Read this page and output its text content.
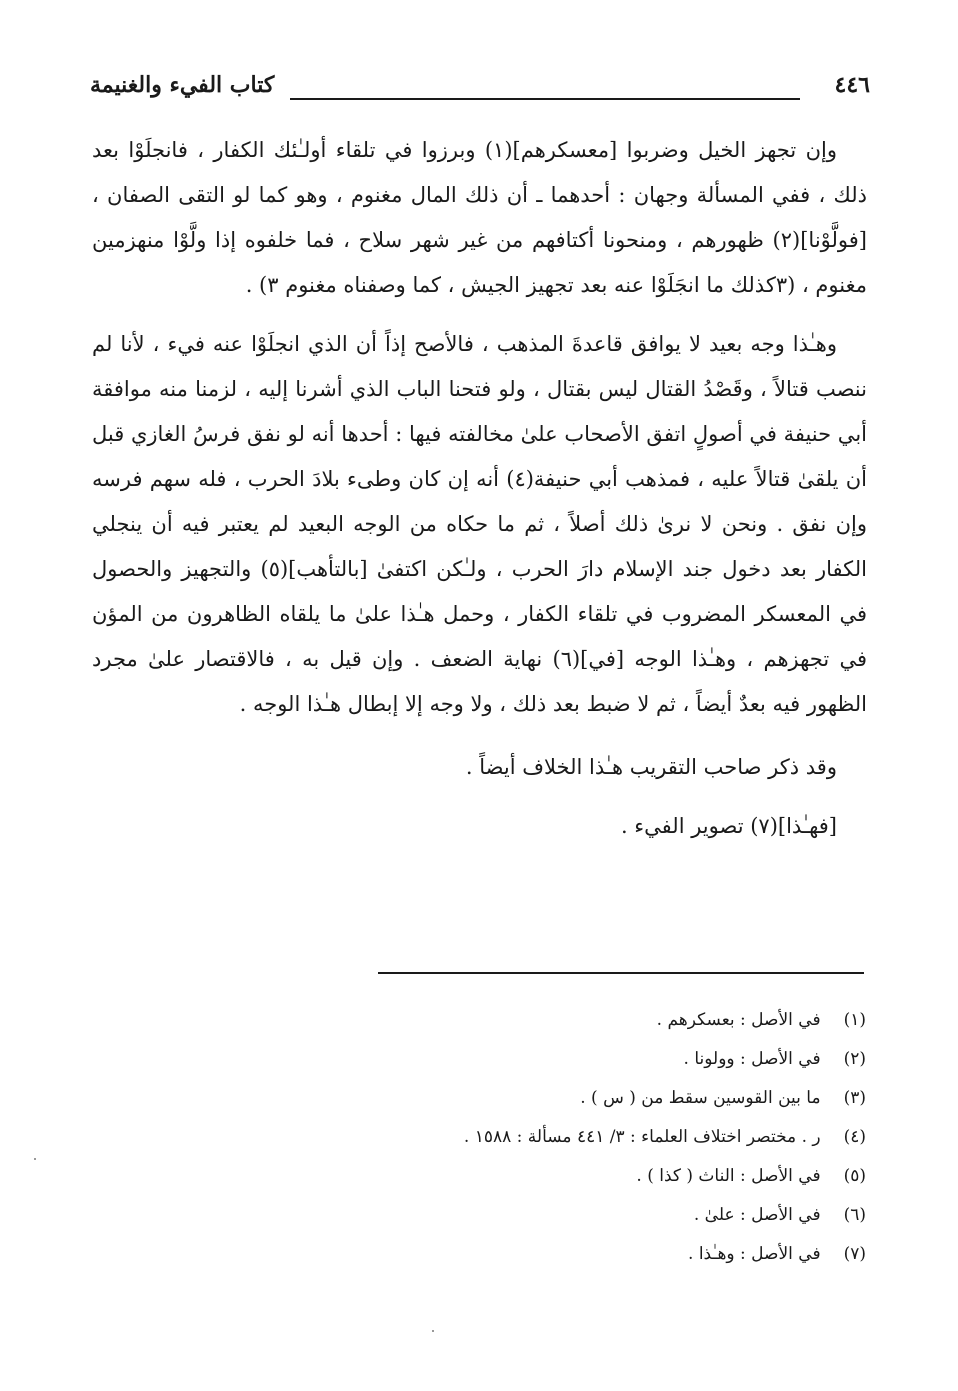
٤٤٦
كتاب الفيء والغنيمة

وإن تجهز الخيل وضربوا [معسكرهم](١) وبرزوا في تلقاء أولـٰئك الكفار ، فانجلَوْا بعد ذلك ، ففي المسألة وجهان : أحدهما ـ أن ذلك المال مغنوم ، وهو كما لو التقى الصفان ، [فولَّوْنا](٢) ظهورهم ، ومنحونا أكتافهم من غير شهر سلاح ، فما خلفوه إذا ولَّوْا منهزمين مغنوم ، (٣كذلك ما انجَلَوْا عنه بعد تجهيز الجيش ، كما وصفناه مغنوم ٣) .

وهـٰذا وجه بعيد لا يوافق قاعدةَ المذهب ، فالأصح إذاً أن الذي انجلَوْا عنه فيء ، لأنا لم ننصب قتالاً ، وقَصْدُ القتال ليس بقتال ، ولو فتحنا الباب الذي أشرنا إليه ، لزمنا منه موافقة أبي حنيفة في أصولٍ اتفق الأصحاب علىٰ مخالفته فيها : أحدها أنه لو نفق فرسُ الغازي قبل أن يلقىٰ قتالاً عليه ، فمذهب أبي حنيفة(٤) أنه إن كان وطىء بلادَ الحرب ، فله سهم فرسه وإن نفق . ونحن لا نرىٰ ذلك أصلاً ، ثم ما حكاه من الوجه البعيد لم يعتبر فيه أن ينجلي الكفار بعد دخول جند الإسلام دارَ الحرب ، ولـٰكن اكتفىٰ [بالتأهب](٥) والتجهيز والحصول في المعسكر المضروب في تلقاء الكفار ، وحمل هـٰذا علىٰ ما يلقاه الظاهرون من المؤن في تجهزهم ، وهـٰذا الوجه [في](٦) نهاية الضعف . وإن قيل به ، فالاقتصار علىٰ مجرد الظهور فيه بعدٌ أيضاً ، ثم لا ضبط بعد ذلك ، ولا وجه إلا إبطال هـٰذا الوجه .

وقد ذكر صاحب التقريب هـٰذا الخلاف أيضاً .

[فهـٰذا](٧) تصوير الفيء .

(١) في الأصل : بعسكرهم .
(٢) في الأصل : وولونا .
(٣) ما بين القوسين سقط من ( س ) .
(٤) ر . مختصر اختلاف العلماء : ٣/ ٤٤١ مسألة : ١٥٨٨ .
(٥) في الأصل : الناث ( كذا ) .
(٦) في الأصل : علىٰ .
(٧) في الأصل : وهـٰذا .
